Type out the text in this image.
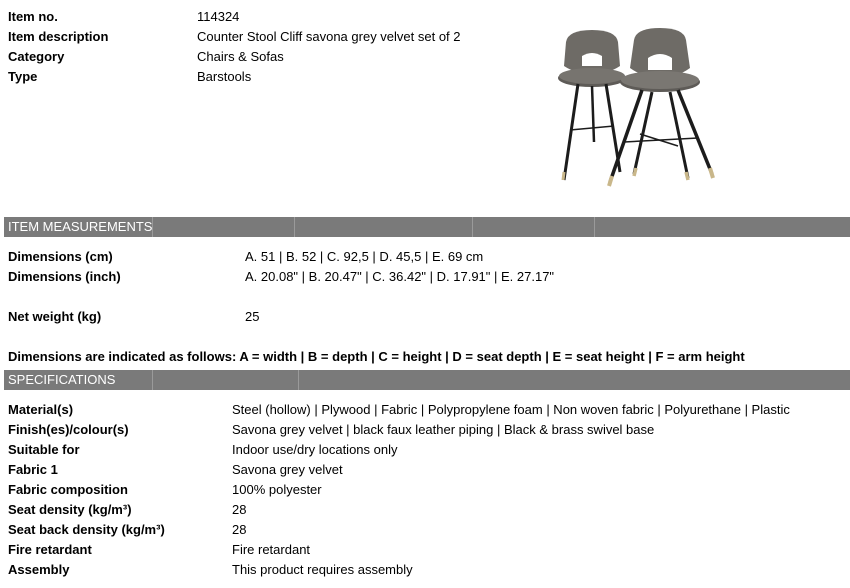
Item no.	114324
Item description	Counter Stool Cliff savona grey velvet set of 2
Category	Chairs & Sofas
Type	Barstools
ITEM MEASUREMENTS
Dimensions (cm)	A. 51 | B. 52 | C. 92,5 | D. 45,5 | E. 69 cm
Dimensions (inch)	A. 20.08" | B. 20.47" | C. 36.42" | D. 17.91" | E. 27.17"
Net weight (kg)	25
Dimensions are indicated as follows: A = width | B = depth | C = height | D = seat depth | E = seat height | F = arm height
SPECIFICATIONS
Material(s)	Steel (hollow) | Plywood | Fabric | Polypropylene foam | Non woven fabric | Polyurethane | Plastic
Finish(es)/colour(s)	Savona grey velvet | black faux leather piping | Black & brass swivel base
Suitable for	Indoor use/dry locations only
Fabric 1	Savona grey velvet
Fabric composition	100% polyester
Seat density (kg/m³)	28
Seat back density (kg/m³)	28
Fire retardant	Fire retardant
Assembly	This product requires assembly
